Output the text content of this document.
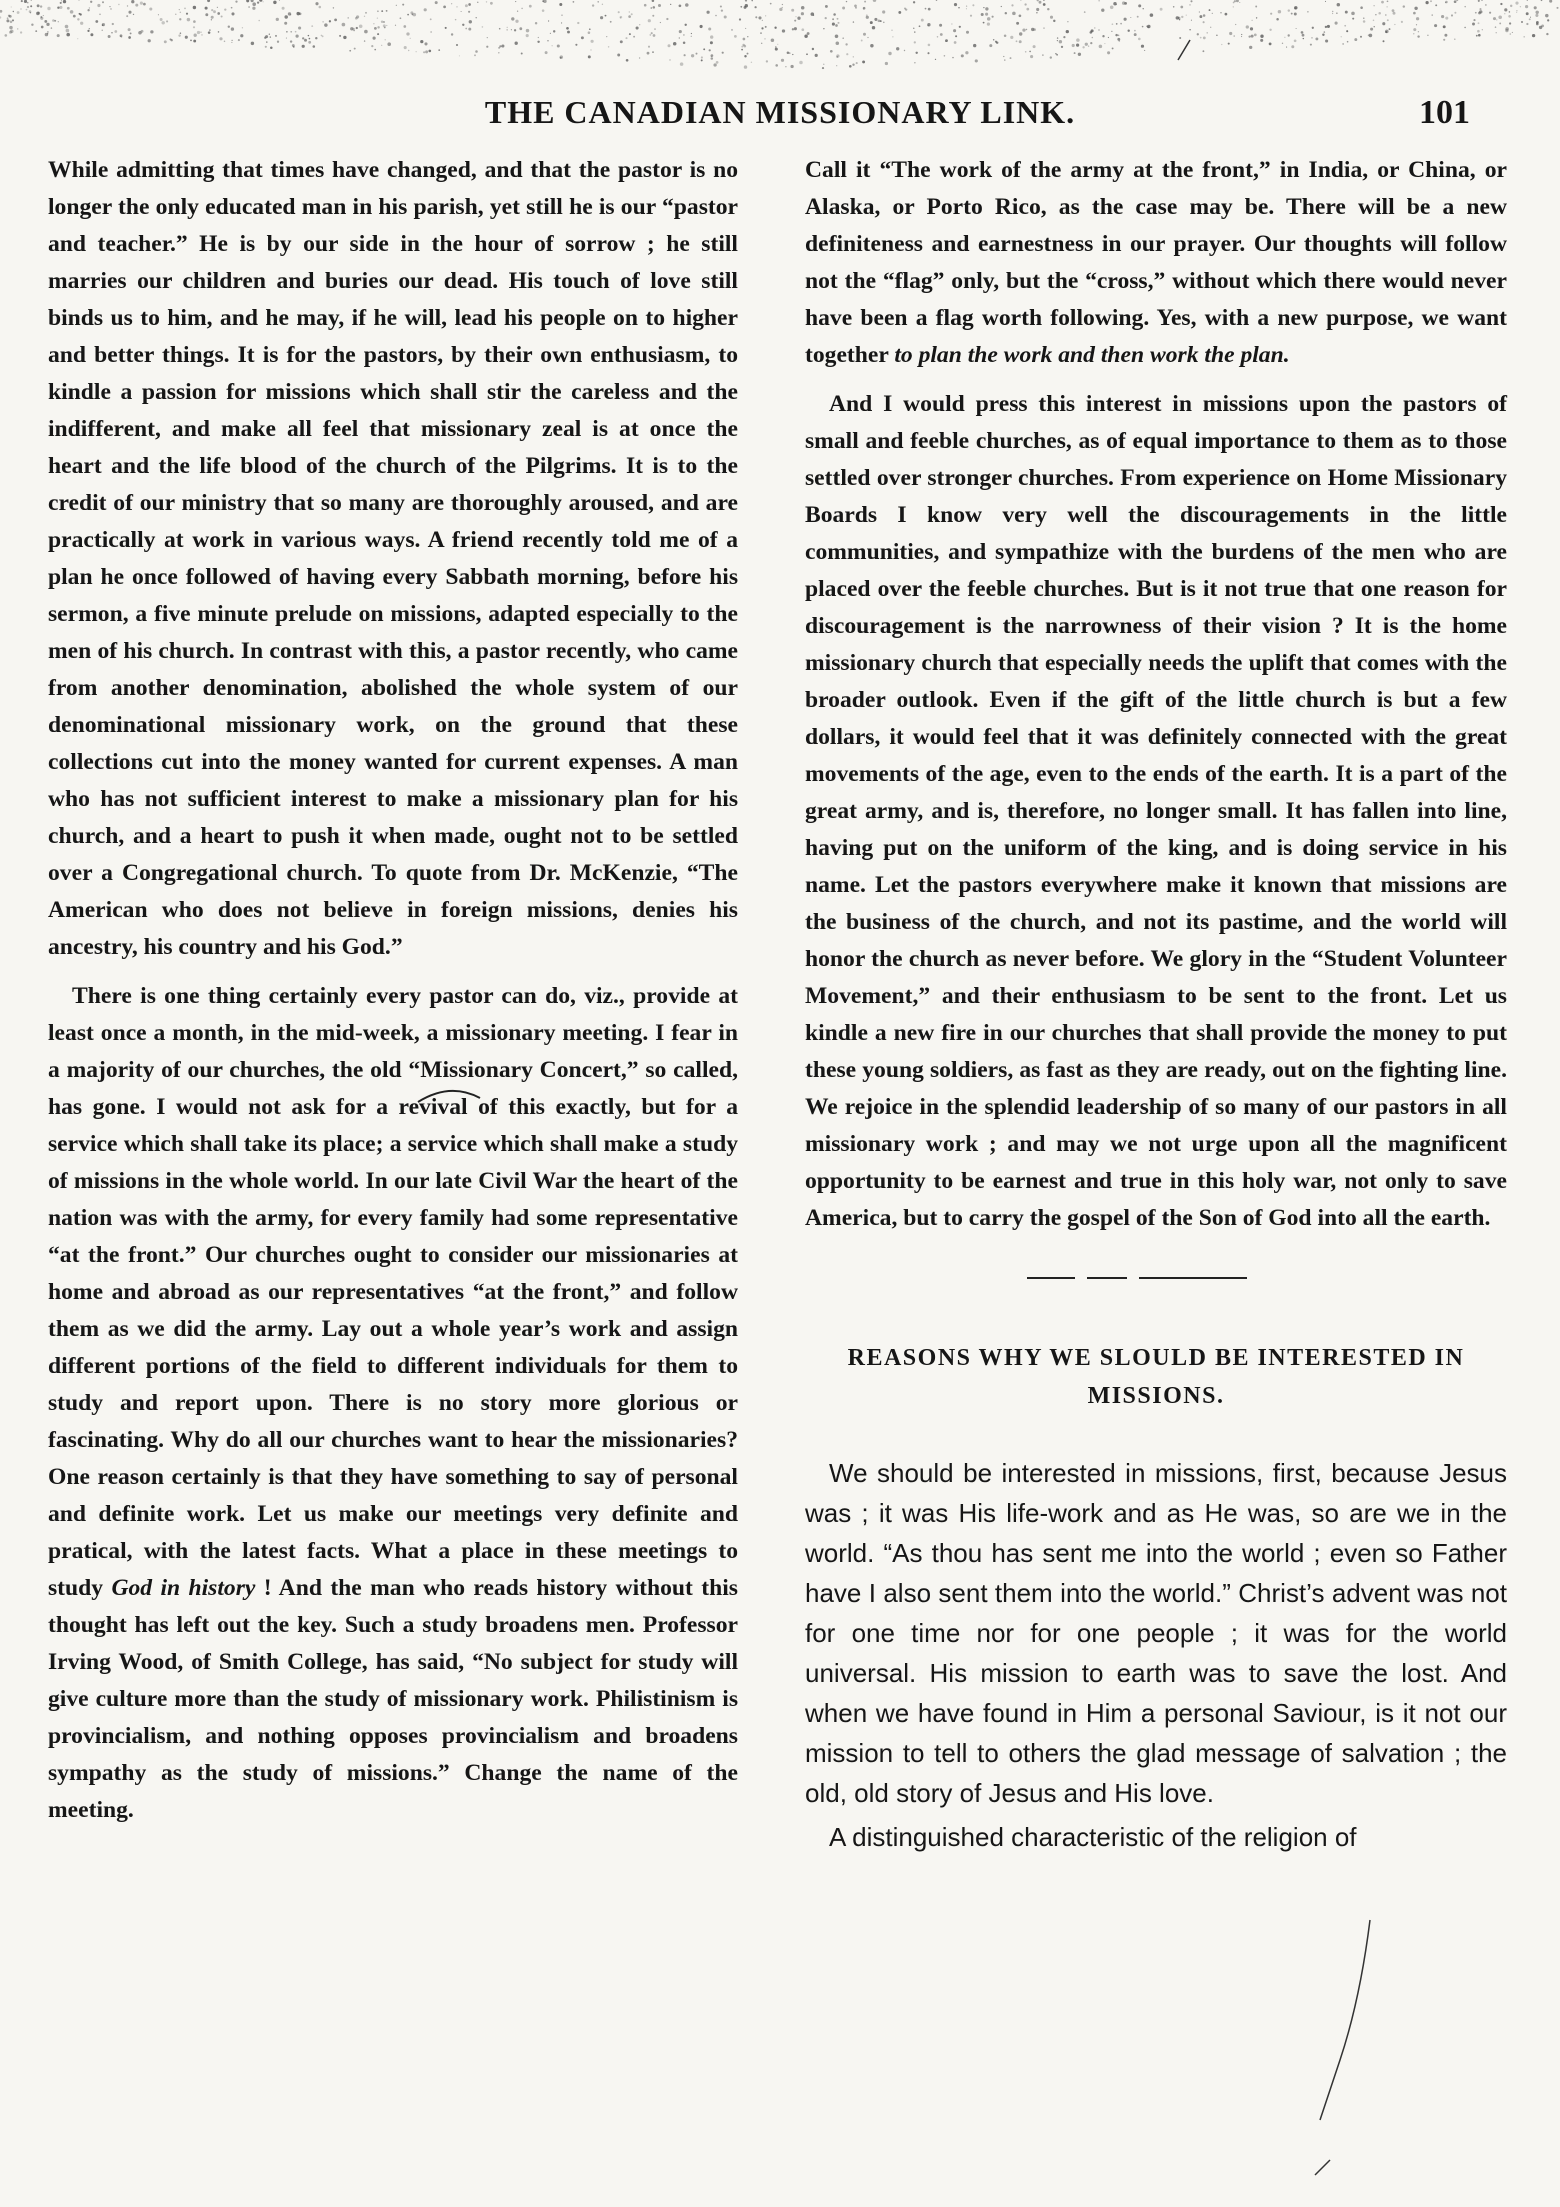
THE CANADIAN MISSIONARY LINK.	101

While admitting that times have changed, and that the pastor is no longer the only educated man in his parish, yet still he is our “pastor and teacher.” He is by our side in the hour of sorrow ; he still marries our children and buries our dead. His touch of love still binds us to him, and he may, if he will, lead his people on to higher and better things. It is for the pastors, by their own enthusiasm, to kindle a passion for missions which shall stir the careless and the indifferent, and make all feel that missionary zeal is at once the heart and the life blood of the church of the Pilgrims. It is to the credit of our ministry that so many are thoroughly aroused, and are practically at work in various ways. A friend recently told me of a plan he once followed of having every Sabbath morning, before his sermon, a five minute prelude on missions, adapted especially to the men of his church. In contrast with this, a pastor recently, who came from another denomination, abolished the whole system of our denominational missionary work, on the ground that these collections cut into the money wanted for current expenses. A man who has not sufficient interest to make a missionary plan for his church, and a heart to push it when made, ought not to be settled over a Congregational church. To quote from Dr. McKenzie, “The American who does not believe in foreign missions, denies his ancestry, his country and his God.”

There is one thing certainly every pastor can do, viz., provide at least once a month, in the mid-week, a missionary meeting. I fear in a majority of our churches, the old “Missionary Concert,” so called, has gone. I would not ask for a revival of this exactly, but for a service which shall take its place; a service which shall make a study of missions in the whole world. In our late Civil War the heart of the nation was with the army, for every family had some representative “at the front.” Our churches ought to consider our missionaries at home and abroad as our representatives “at the front,” and follow them as we did the army. Lay out a whole year’s work and assign different portions of the field to different individuals for them to study and report upon. There is no story more glorious or fascinating. Why do all our churches want to hear the missionaries? One reason certainly is that they have something to say of personal and definite work. Let us make our meetings very definite and pratical, with the latest facts. What a place in these meetings to study God in history ! And the man who reads history without this thought has left out the key. Such a study broadens men. Professor Irving Wood, of Smith College, has said, “No subject for study will give culture more than the study of missionary work. Philistinism is provincialism, and nothing opposes provincialism and broadens sympathy as the study of missions.” Change the name of the meeting.

Call it “The work of the army at the front,” in India, or China, or Alaska, or Porto Rico, as the case may be. There will be a new definiteness and earnestness in our prayer. Our thoughts will follow not the “flag” only, but the “cross,” without which there would never have been a flag worth following. Yes, with a new purpose, we want together to plan the work and then work the plan.

And I would press this interest in missions upon the pastors of small and feeble churches, as of equal importance to them as to those settled over stronger churches. From experience on Home Missionary Boards I know very well the discouragements in the little communities, and sympathize with the burdens of the men who are placed over the feeble churches. But is it not true that one reason for discouragement is the narrowness of their vision ? It is the home missionary church that especially needs the uplift that comes with the broader outlook. Even if the gift of the little church is but a few dollars, it would feel that it was definitely connected with the great movements of the age, even to the ends of the earth. It is a part of the great army, and is, therefore, no longer small. It has fallen into line, having put on the uniform of the king, and is doing service in his name. Let the pastors everywhere make it known that missions are the business of the church, and not its pastime, and the world will honor the church as never before. We glory in the “Student Volunteer Movement,” and their enthusiasm to be sent to the front. Let us kindle a new fire in our churches that shall provide the money to put these young soldiers, as fast as they are ready, out on the fighting line. We rejoice in the splendid leadership of so many of our pastors in all missionary work ; and may we not urge upon all the magnificent opportunity to be earnest and true in this holy war, not only to save America, but to carry the gospel of the Son of God into all the earth.

REASONS WHY WE SLOULD BE INTERESTED IN MISSIONS.

We should be interested in missions, first, because Jesus was ; it was His life-work and as He was, so are we in the world. “As thou has sent me into the world ; even so Father have I also sent them into the world.” Christ’s advent was not for one time nor for one people ; it was for the world universal. His mission to earth was to save the lost. And when we have found in Him a personal Saviour, is it not our mission to tell to others the glad message of salvation ; the old, old story of Jesus and His love.

A distinguished characteristic of the religion of
